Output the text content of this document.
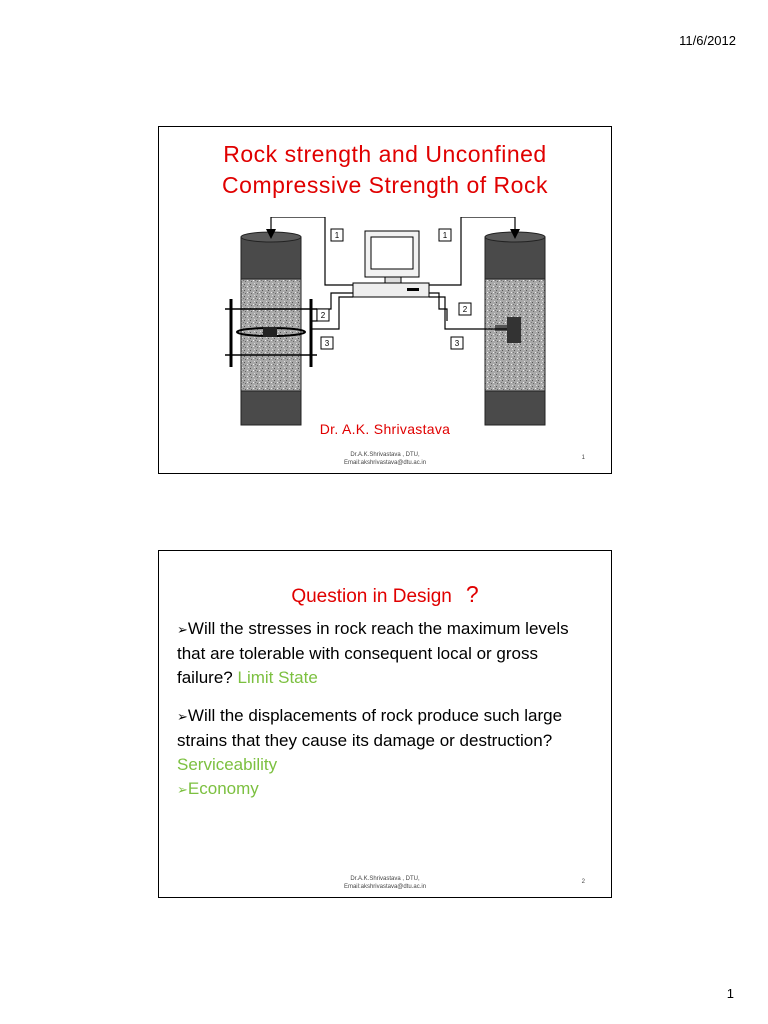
11/6/2012
Rock strength and Unconfined
Compressive Strength of Rock
1	1
2
2
3	3
Dr. A.K. Shrivastava
Dr.A.K.Shrivastava , DTU,
Email:akshrivastava@dtu.ac.in
1
Question in Design ?
➢Will the stresses in rock reach the maximum levels that are tolerable with consequent local or gross failure? Limit State
➢Will the displacements of rock produce such large strains that they cause its damage or destruction? Serviceability
➢Economy
Dr.A.K.Shrivastava , DTU,
Email:akshrivastava@dtu.ac.in
2
1
